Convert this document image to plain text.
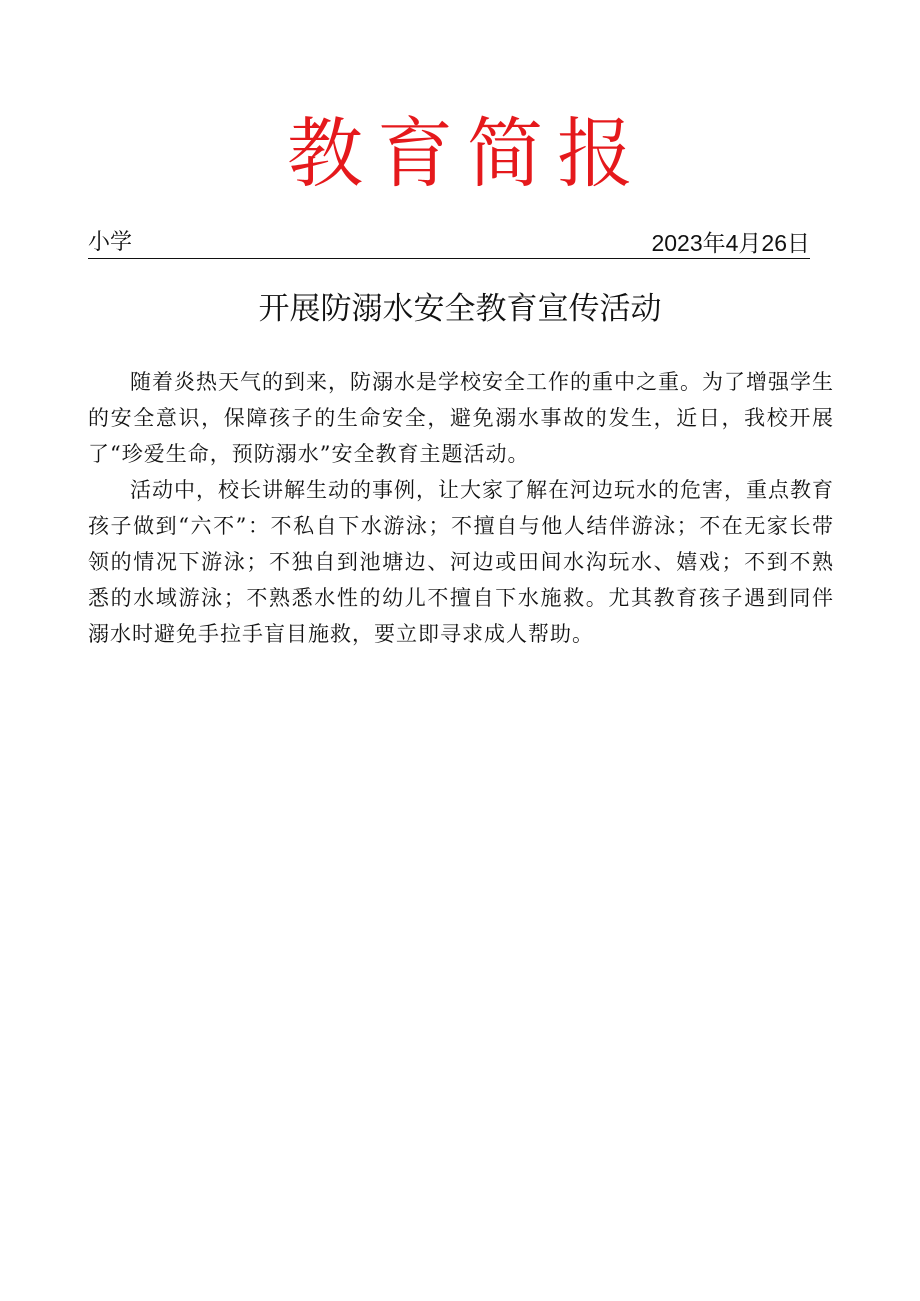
教育简报
小学	2023年4月26日
开展防溺水安全教育宣传活动

随着炎热天气的到来，防溺水是学校安全工作的重中之重。为了增强学生的安全意识，保障孩子的生命安全，避免溺水事故的发生，近日，我校开展了“珍爱生命，预防溺水”安全教育主题活动。

活动中，校长讲解生动的事例，让大家了解在河边玩水的危害，重点教育孩子做到“六不”：不私自下水游泳；不擅自与他人结伴游泳；不在无家长带领的情况下游泳；不独自到池塘边、河边或田间水沟玩水、嬉戏；不到不熟悉的水域游泳；不熟悉水性的幼儿不擅自下水施救。尤其教育孩子遇到同伴溺水时避免手拉手盲目施救，要立即寻求成人帮助。
